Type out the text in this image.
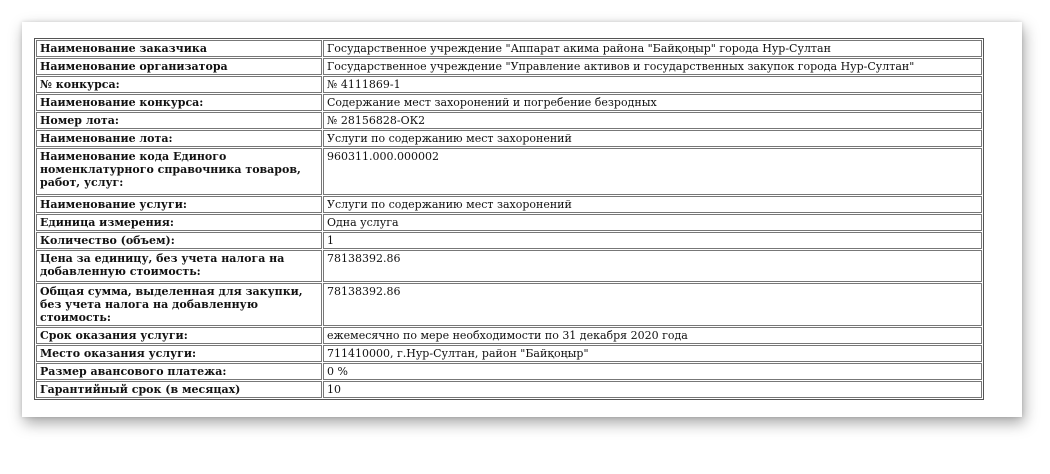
Наименование заказчика	Государственное учреждение "Аппарат акима района "Байқоңыр" города Нур-Султан
Наименование организатора	Государственное учреждение "Управление активов и государственных закупок города Нур-Султан"
№ конкурса:	№ 4111869-1
Наименование конкурса:	Содержание мест захоронений и погребение безродных
Номер лота:	№ 28156828-ОК2
Наименование лота:	Услуги по содержанию мест захоронений
Наименование кода Единого номенклатурного справочника товаров, работ, услуг:	960311.000.000002
Наименование услуги:	Услуги по содержанию мест захоронений
Единица измерения:	Одна услуга
Количество (объем):	1
Цена за единицу, без учета налога на добавленную стоимость:	78138392.86
Общая сумма, выделенная для закупки, без учета налога на добавленную стоимость:	78138392.86
Срок оказания услуги:	ежемесячно по мере необходимости по 31 декабря 2020 года
Место оказания услуги:	711410000, г.Нур-Султан, район "Байқоңыр"
Размер авансового платежа:	0 %
Гарантийный срок (в месяцах)	10
